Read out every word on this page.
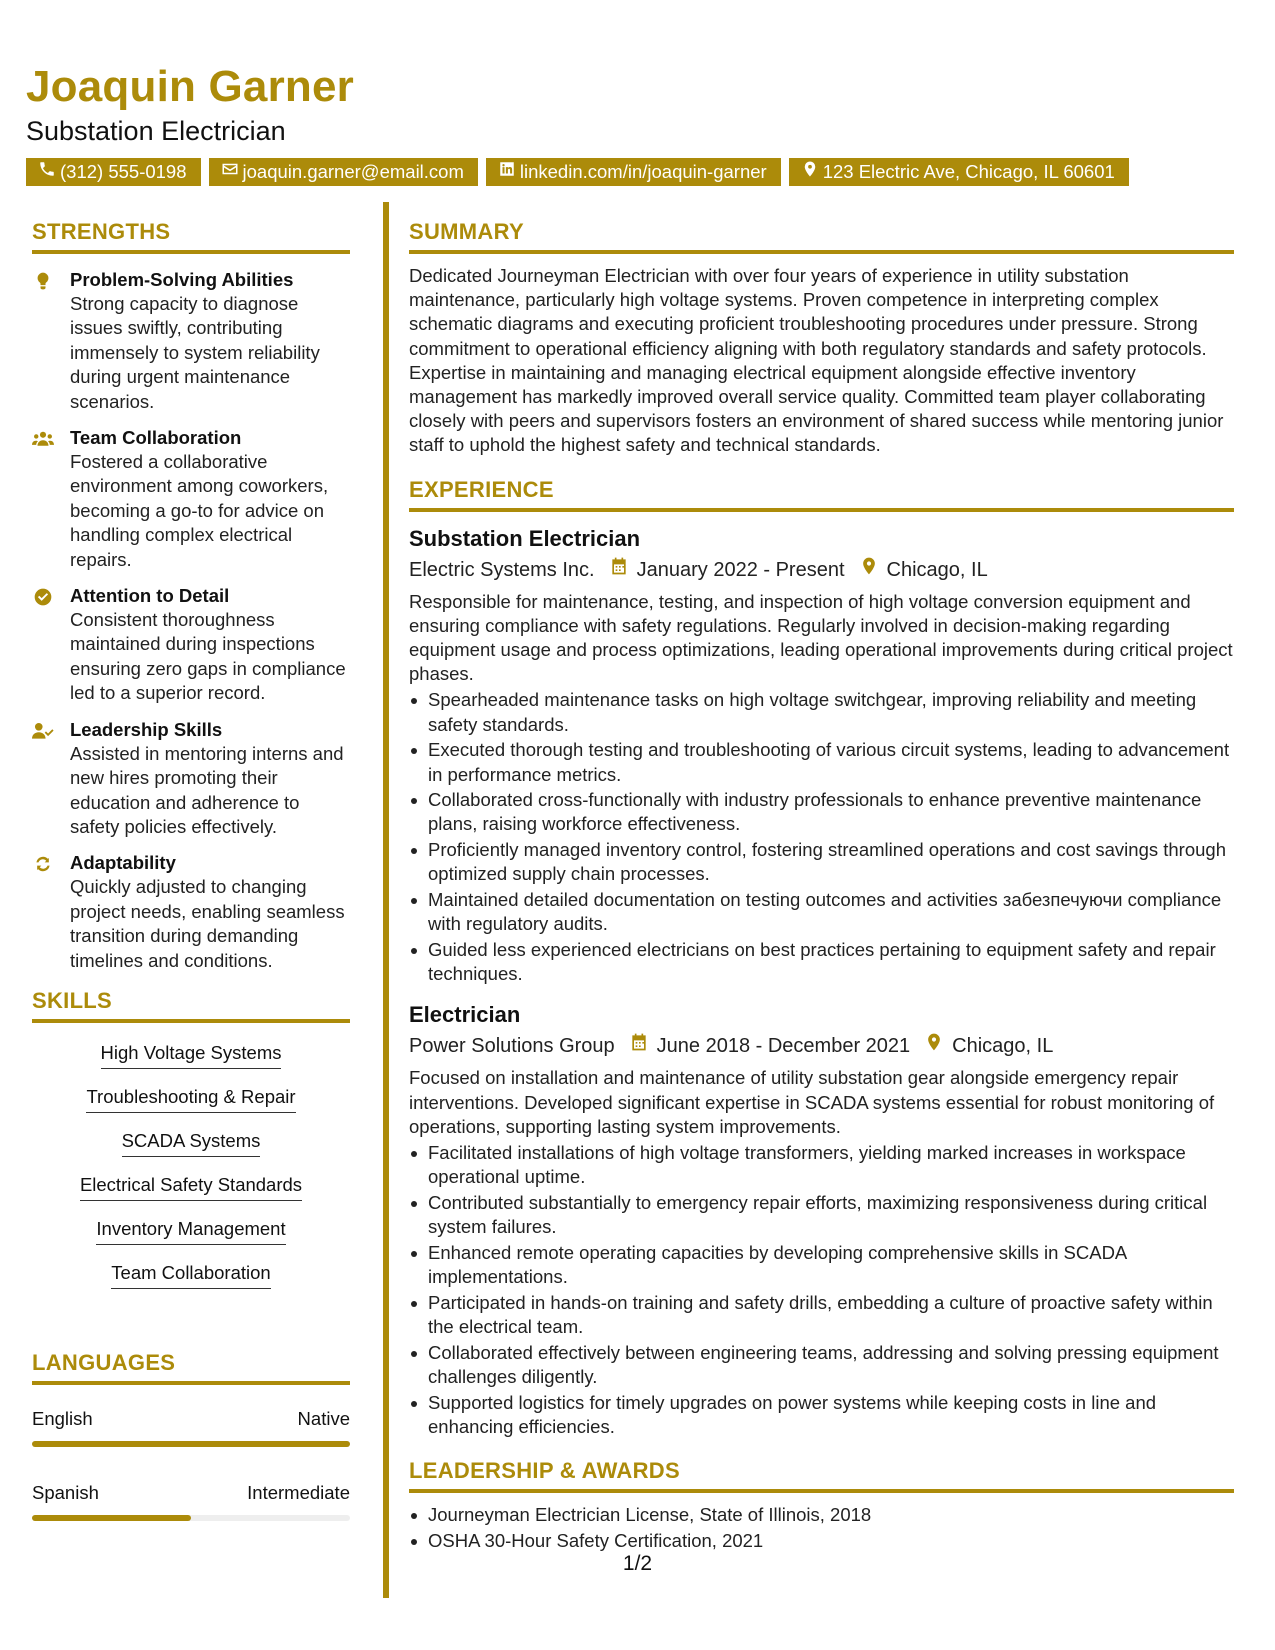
Joaquin Garner
Substation Electrician
(312) 555-0198	joaquin.garner@email.com	linkedin.com/in/joaquin-garner	123 Electric Ave, Chicago, IL 60601
STRENGTHS
Problem-Solving Abilities
Strong capacity to diagnose issues swiftly, contributing immensely to system reliability during urgent maintenance scenarios.
Team Collaboration
Fostered a collaborative environment among coworkers, becoming a go-to for advice on handling complex electrical repairs.
Attention to Detail
Consistent thoroughness maintained during inspections ensuring zero gaps in compliance led to a superior record.
Leadership Skills
Assisted in mentoring interns and new hires promoting their education and adherence to safety policies effectively.
Adaptability
Quickly adjusted to changing project needs, enabling seamless transition during demanding timelines and conditions.
SKILLS
High Voltage Systems
Troubleshooting & Repair
SCADA Systems
Electrical Safety Standards
Inventory Management
Team Collaboration
LANGUAGES
English	Native
Spanish	Intermediate
SUMMARY
Dedicated Journeyman Electrician with over four years of experience in utility substation maintenance, particularly high voltage systems. Proven competence in interpreting complex schematic diagrams and executing proficient troubleshooting procedures under pressure. Strong commitment to operational efficiency aligning with both regulatory standards and safety protocols. Expertise in maintaining and managing electrical equipment alongside effective inventory management has markedly improved overall service quality. Committed team player collaborating closely with peers and supervisors fosters an environment of shared success while mentoring junior staff to uphold the highest safety and technical standards.
EXPERIENCE
Substation Electrician
Electric Systems Inc. January 2022 - Present Chicago, IL
Responsible for maintenance, testing, and inspection of high voltage conversion equipment and ensuring compliance with safety regulations. Regularly involved in decision-making regarding equipment usage and process optimizations, leading operational improvements during critical project phases.
Spearheaded maintenance tasks on high voltage switchgear, improving reliability and meeting safety standards.
Executed thorough testing and troubleshooting of various circuit systems, leading to advancement in performance metrics.
Collaborated cross-functionally with industry professionals to enhance preventive maintenance plans, raising workforce effectiveness.
Proficiently managed inventory control, fostering streamlined operations and cost savings through optimized supply chain processes.
Maintained detailed documentation on testing outcomes and activities забезпечуючи compliance with regulatory audits.
Guided less experienced electricians on best practices pertaining to equipment safety and repair techniques.
Electrician
Power Solutions Group June 2018 - December 2021 Chicago, IL
Focused on installation and maintenance of utility substation gear alongside emergency repair interventions. Developed significant expertise in SCADA systems essential for robust monitoring of operations, supporting lasting system improvements.
Facilitated installations of high voltage transformers, yielding marked increases in workspace operational uptime.
Contributed substantially to emergency repair efforts, maximizing responsiveness during critical system failures.
Enhanced remote operating capacities by developing comprehensive skills in SCADA implementations.
Participated in hands-on training and safety drills, embedding a culture of proactive safety within the electrical team.
Collaborated effectively between engineering teams, addressing and solving pressing equipment challenges diligently.
Supported logistics for timely upgrades on power systems while keeping costs in line and enhancing efficiencies.
LEADERSHIP & AWARDS
Journeyman Electrician License, State of Illinois, 2018
OSHA 30-Hour Safety Certification, 2021
1/2
